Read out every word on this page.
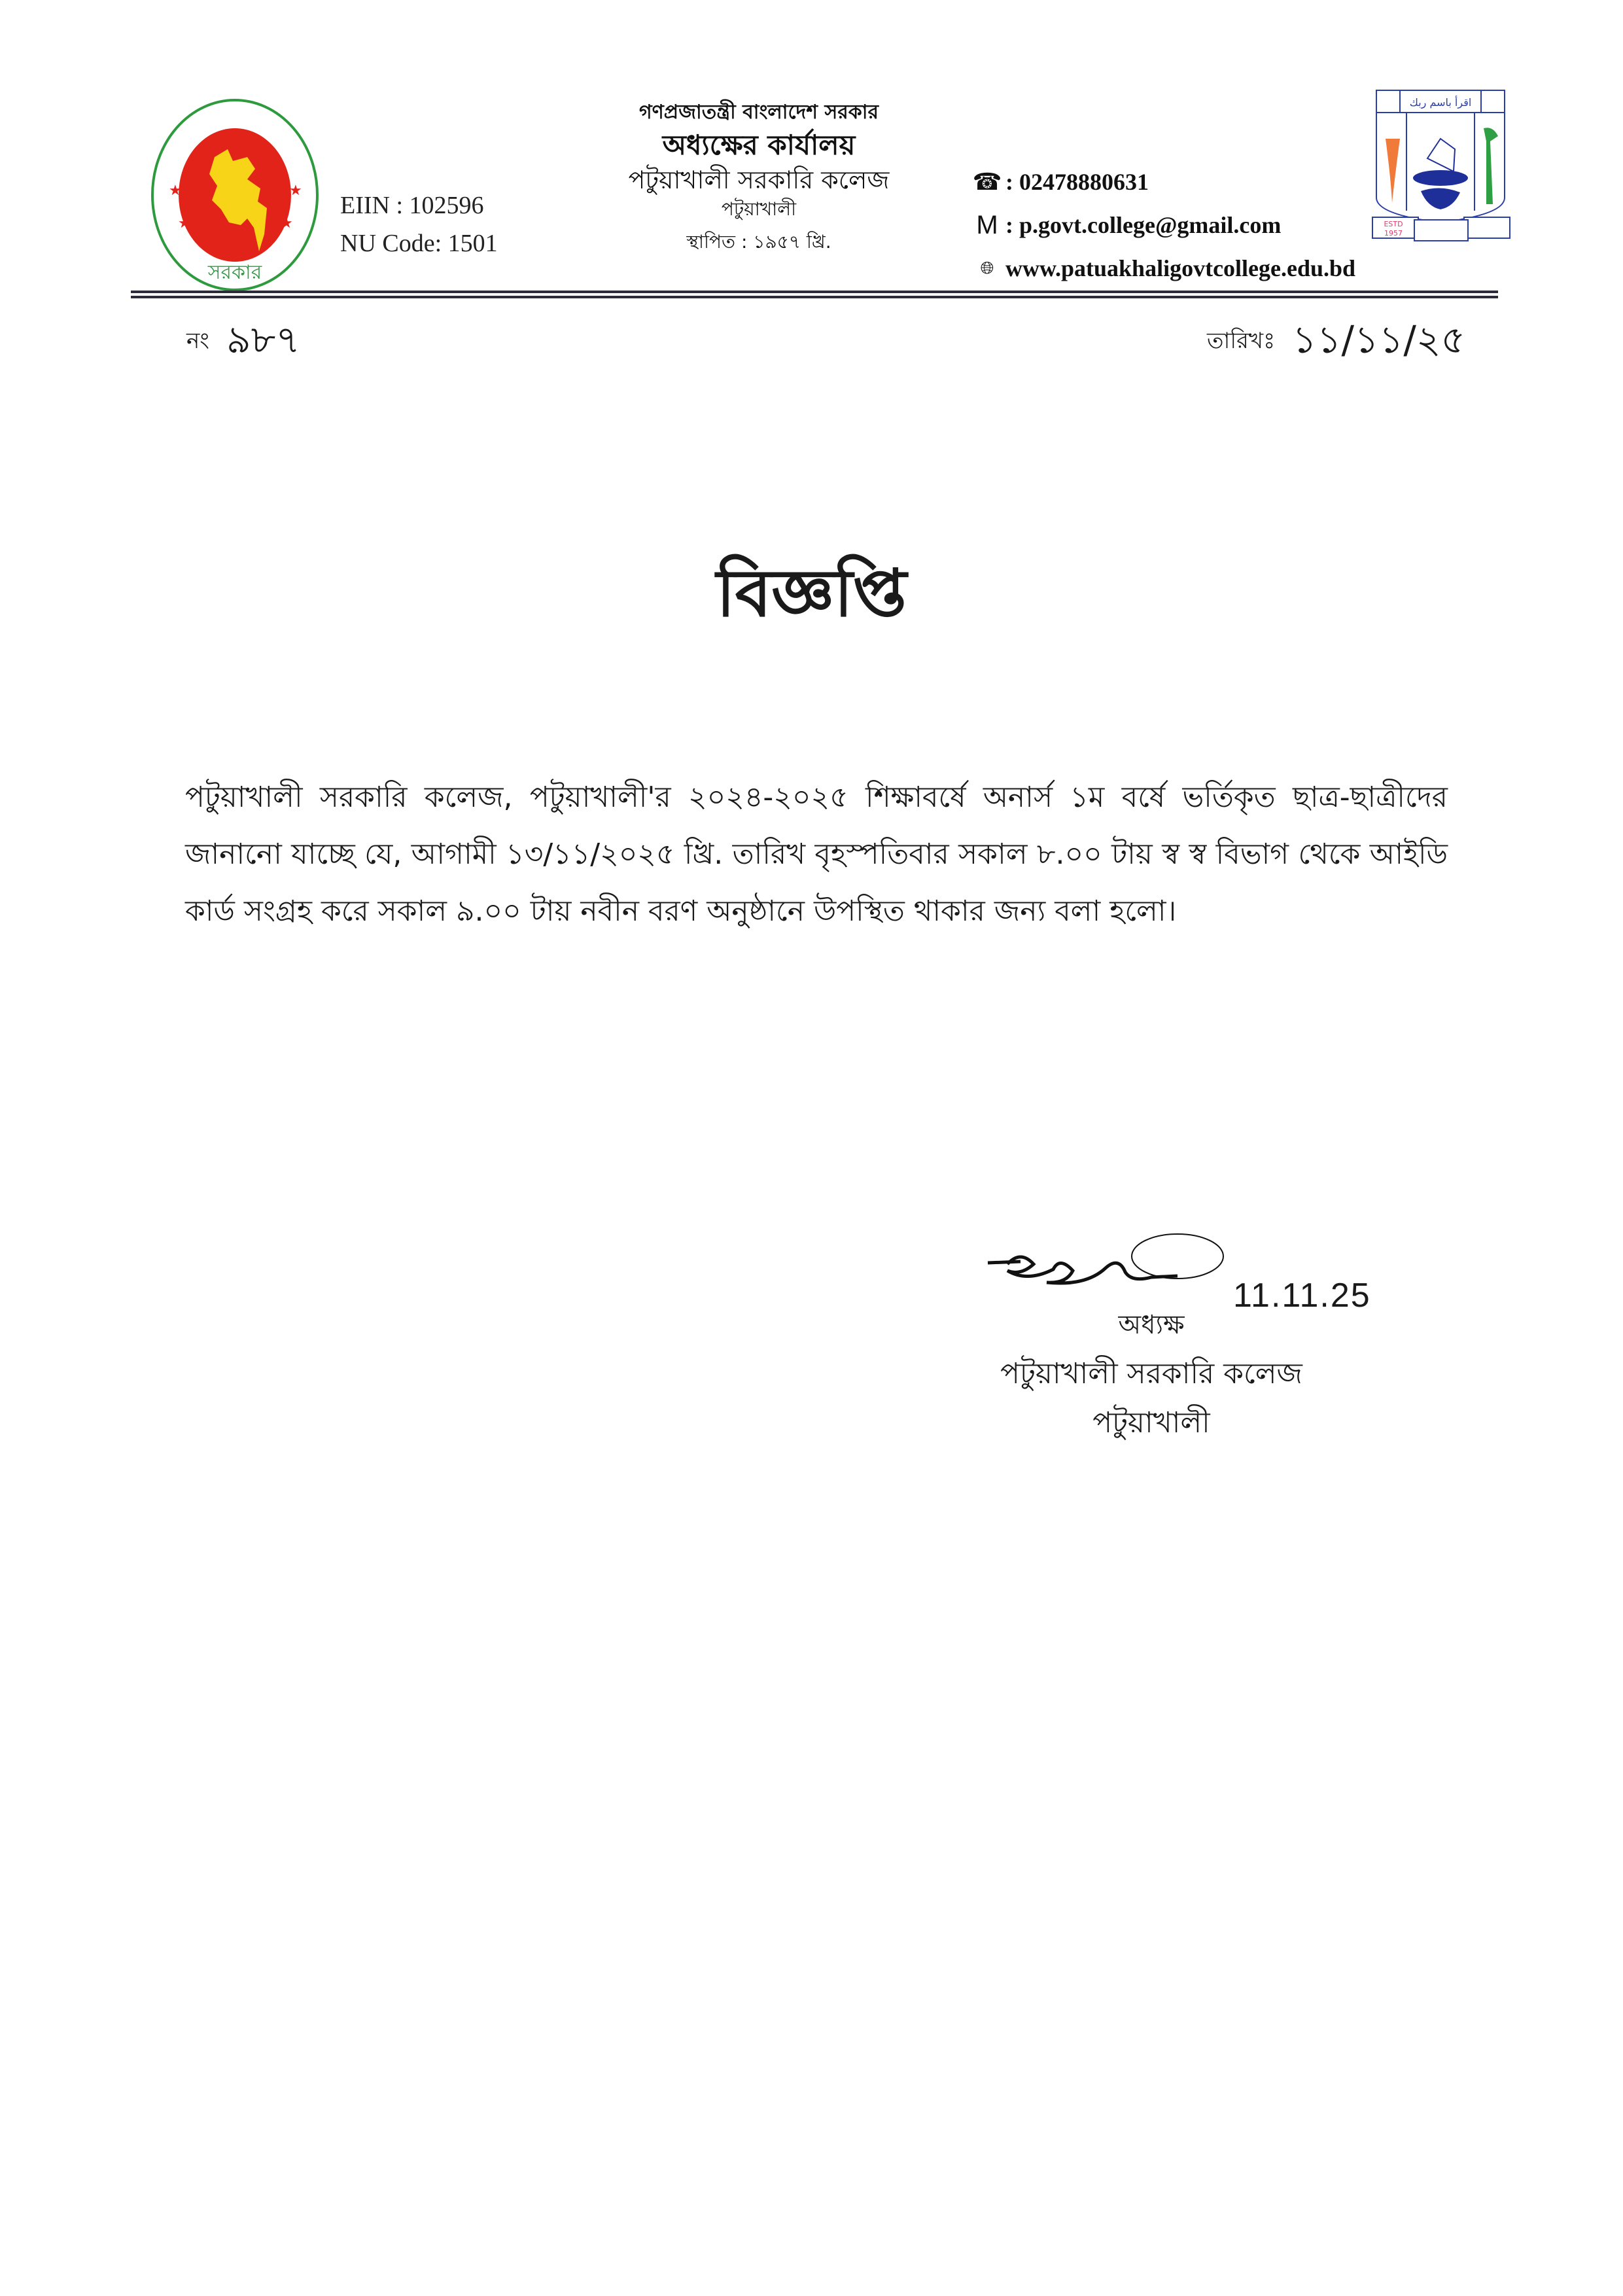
★	★
★	★
সরকার
EIIN : 102596
NU Code: 1501
গণপ্রজাতন্ত্রী বাংলাদেশ সরকার
অধ্যক্ষের কার্যালয়
পটুয়াখালী সরকারি কলেজ
পটুয়াখালী
স্থাপিত : ১৯৫৭ খ্রি.
☎ : 02478880631
M : p.govt.college@gmail.com
🌐︎ www.patuakhaligovtcollege.edu.bd
اقرأ باسم ربك
ESTD
1957
নং ৯৮৭	তারিখঃ ১১/১১/২৫
বিজ্ঞপ্তি
পটুয়াখালী সরকারি কলেজ, পটুয়াখালী'র ২০২৪-২০২৫ শিক্ষাবর্ষে অনার্স ১ম বর্ষে ভর্তিকৃত ছাত্র-ছাত্রীদের জানানো যাচ্ছে যে, আগামী ১৩/১১/২০২৫ খ্রি. তারিখ বৃহস্পতিবার সকাল ৮.০০ টায় স্ব স্ব বিভাগ থেকে আইডি কার্ড সংগ্রহ করে সকাল ৯.০০ টায় নবীন বরণ অনুষ্ঠানে উপস্থিত থাকার জন্য বলা হলো।
11.11.25
অধ্যক্ষ
পটুয়াখালী সরকারি কলেজ
পটুয়াখালী
